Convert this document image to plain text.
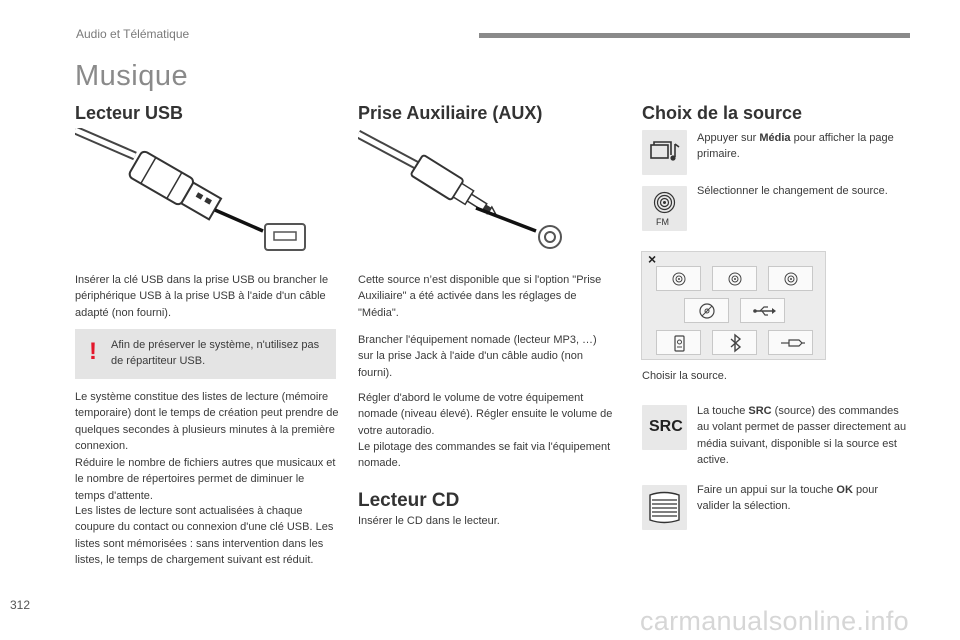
Audio et Télématique
Musique
Lecteur USB
Insérer la clé USB dans la prise USB ou brancher le périphérique USB à la prise USB à l'aide d'un câble adapté (non fourni).
! Afin de préserver le système, n'utilisez pas de répartiteur USB.
Le système constitue des listes de lecture (mémoire temporaire) dont le temps de création peut prendre de quelques secondes à plusieurs minutes à la première connexion.
Réduire le nombre de fichiers autres que musicaux et le nombre de répertoires permet de diminuer le temps d'attente.
Les listes de lecture sont actualisées à chaque coupure du contact ou connexion d'une clé USB. Les listes sont mémorisées : sans intervention dans les listes, le temps de chargement suivant est réduit.
Prise Auxiliaire (AUX)
Cette source n’est disponible que si l'option "Prise Auxiliaire" a été activée dans les réglages de "Média".
Brancher l'équipement nomade (lecteur MP3, …) sur la prise Jack à l'aide d'un câble audio (non fourni).
Régler d'abord le volume de votre équipement nomade (niveau élevé). Régler ensuite le volume de votre autoradio.
Le pilotage des commandes se fait via l'équipement nomade.
Lecteur CD
Insérer le CD dans le lecteur.
Choix de la source
Appuyer sur Média pour afficher la page primaire.
FM
Sélectionner le changement de source.
×
Choisir la source.
SRC
La touche SRC (source) des commandes au volant permet de passer directement au média suivant, disponible si la source est active.
Faire un appui sur la touche OK pour valider la sélection.
312
carmanualsonline.info
